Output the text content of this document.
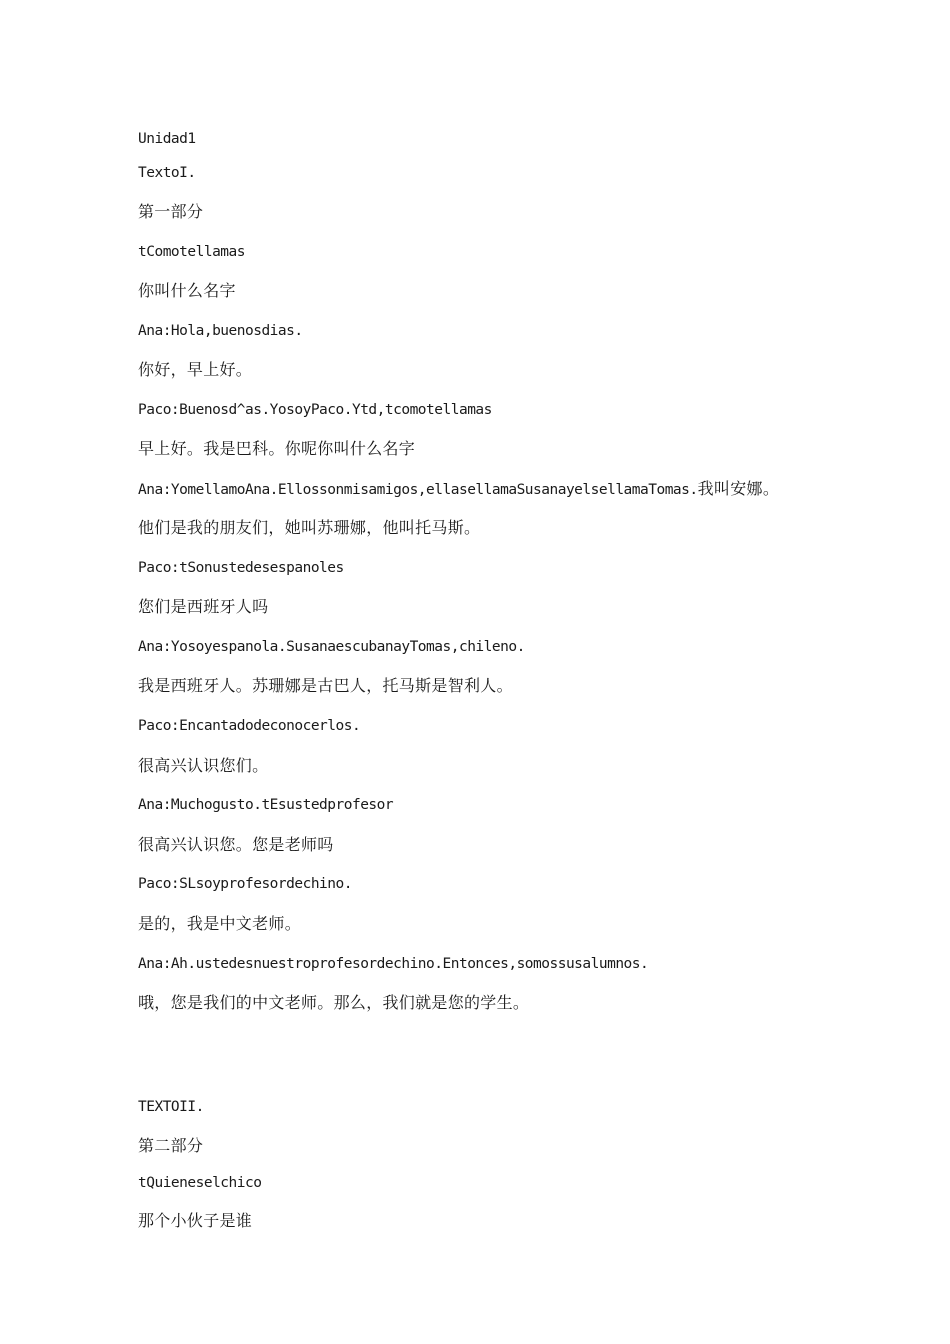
Unidad1

TextoI.

第一部分

tComotellamas

你叫什么名字

Ana:Hola,buenosdias.

你好，早上好。

Paco:Buenosd^as.YosoyPaco.Ytd,tcomotellamas

早上好。我是巴科。你呢你叫什么名字

Ana:YomellamoAna.Ellossonmisamigos,ellasellamaSusanayelsellamaTomas.我叫安娜。

他们是我的朋友们，她叫苏珊娜，他叫托马斯。

Paco:tSonustedesespanoles

您们是西班牙人吗

Ana:Yosoyespanola.SusanaescubanayTomas,chileno.

我是西班牙人。苏珊娜是古巴人，托马斯是智利人。

Paco:Encantadodeconocerlos.

很高兴认识您们。

Ana:Muchogusto.tEsustedprofesor

很高兴认识您。您是老师吗

Paco:SLsoyprofesordechino.

是的，我是中文老师。

Ana:Ah.ustedesnuestroprofesordechino.Entonces,somossusalumnos.

哦，您是我们的中文老师。那么，我们就是您的学生。

TEXTOII.

第二部分

tQuieneselchico

那个小伙子是谁
